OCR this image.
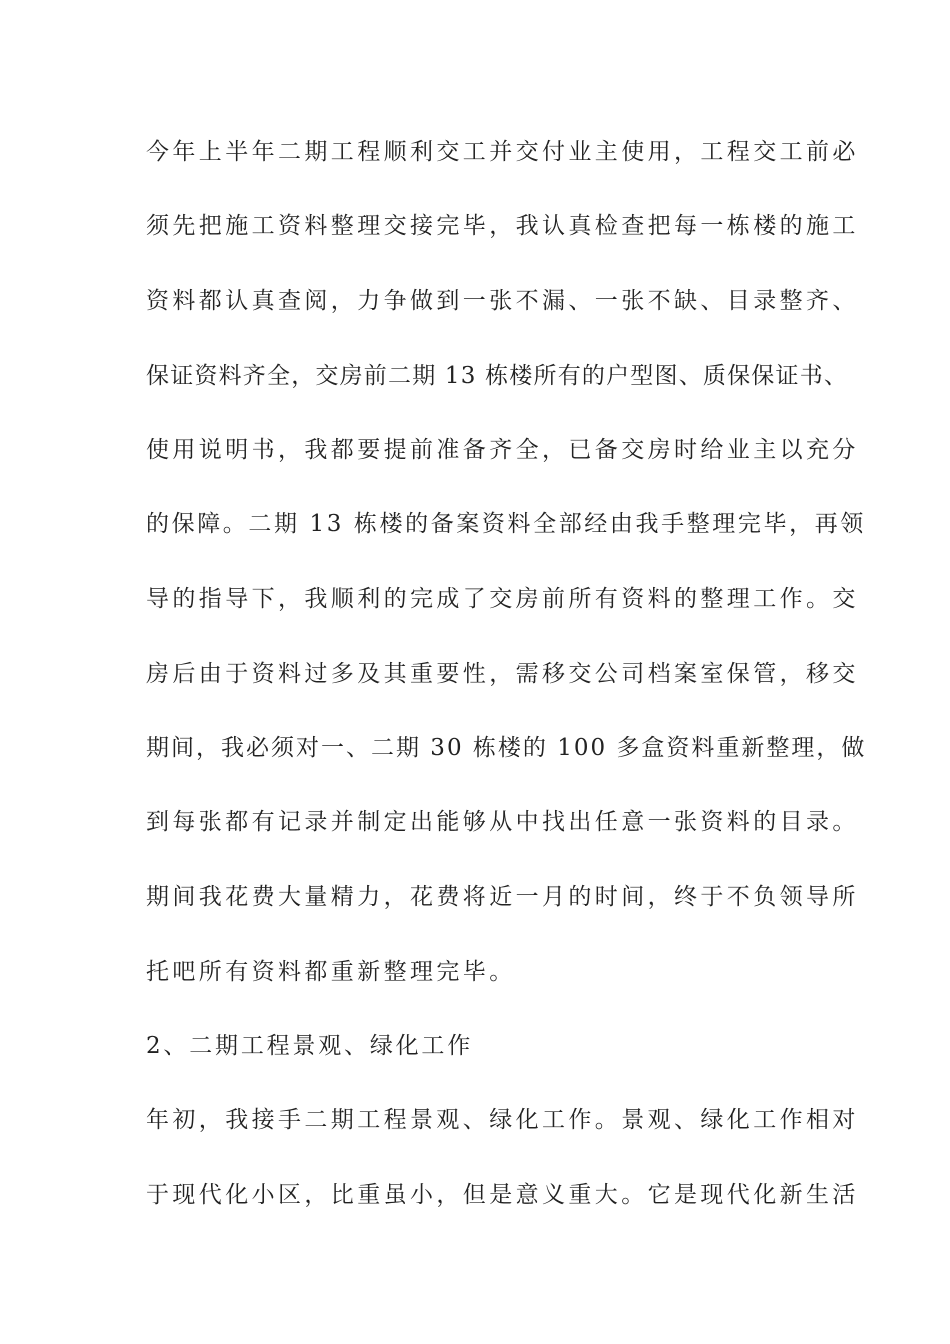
今年上半年二期工程顺利交工并交付业主使用，工程交工前必
须先把施工资料整理交接完毕，我认真检查把每一栋楼的施工
资料都认真查阅，力争做到一张不漏、一张不缺、目录整齐、
保证资料齐全，交房前二期 13 栋楼所有的户型图、质保保证书、
使用说明书，我都要提前准备齐全，已备交房时给业主以充分
的保障。二期 13 栋楼的备案资料全部经由我手整理完毕，再领
导的指导下，我顺利的完成了交房前所有资料的整理工作。交
房后由于资料过多及其重要性，需移交公司档案室保管，移交
期间，我必须对一、二期 30 栋楼的 100 多盒资料重新整理，做
到每张都有记录并制定出能够从中找出任意一张资料的目录。
期间我花费大量精力，花费将近一月的时间，终于不负领导所
托吧所有资料都重新整理完毕。
2、二期工程景观、绿化工作
年初，我接手二期工程景观、绿化工作。景观、绿化工作相对
于现代化小区，比重虽小，但是意义重大。它是现代化新生活
